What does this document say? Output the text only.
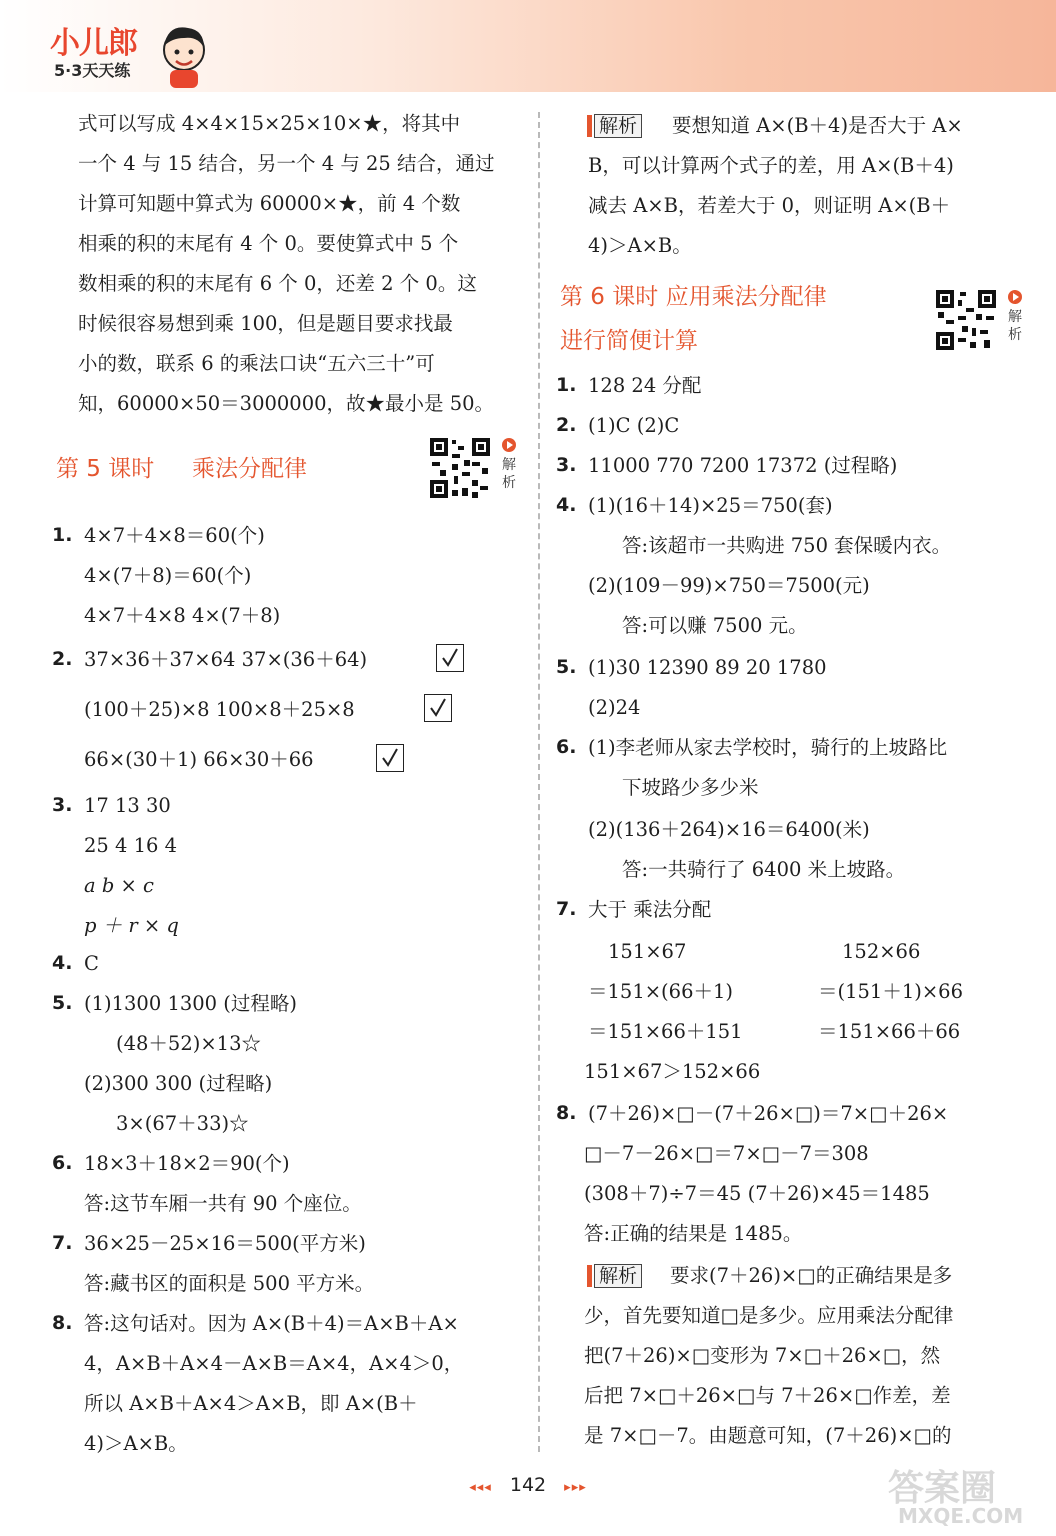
小儿郎
5·3天天练
式可以写成 4×4×15×25×10×★，将其中
一个 4 与 15 结合，另一个 4 与 25 结合，通过
计算可知题中算式为 60000×★，前 4 个数
相乘的积的末尾有 4 个 0。要使算式中 5 个
数相乘的积的末尾有 6 个 0，还差 2 个 0。这
时候很容易想到乘 100，但是题目要求找最
小的数，联系 6 的乘法口诀“五六三十”可
知，60000×50＝3000000，故★最小是 50。
第 5 课时 乘法分配律	解析
1. 4×7＋4×8＝60(个)
4×(7＋8)＝60(个)
4×7＋4×8 4×(7＋8)
2. 37×36＋37×64 37×(36＋64)
(100＋25)×8 100×8＋25×8
66×(30＋1) 66×30＋66
3. 17 13 30
25 4 16 4
a b × c
p ＋ r × q
4. C
5. (1)1300 1300 (过程略)
(48＋52)×13☆
(2)300 300 (过程略)
3×(67＋33)☆
6. 18×3＋18×2＝90(个)
答:这节车厢一共有 90 个座位。
7. 36×25－25×16＝500(平方米)
答:藏书区的面积是 500 平方米。
8. 答:这句话对。因为 A×(B＋4)＝A×B＋A×
4，A×B＋A×4－A×B＝A×4，A×4＞0，
所以 A×B＋A×4＞A×B，即 A×(B＋
4)＞A×B。
解析 要想知道 A×(B＋4)是否大于 A×
B，可以计算两个式子的差，用 A×(B＋4)
减去 A×B，若差大于 0，则证明 A×(B＋
4)＞A×B。
第 6 课时 应用乘法分配律
进行简便计算
解析
1. 128 24 分配
2. (1)C (2)C
3. 11000 770 7200 17372 (过程略)
4. (1)(16＋14)×25＝750(套)
答:该超市一共购进 750 套保暖内衣。
(2)(109－99)×750＝7500(元)
答:可以赚 7500 元。
5. (1)30 12390 89 20 1780
(2)24
6. (1)李老师从家去学校时，骑行的上坡路比
下坡路少多少米
(2)(136＋264)×16＝6400(米)
答:一共骑行了 6400 米上坡路。
7. 大于 乘法分配
151×67
＝151×(66＋1)
＝151×66＋151
151×67＞152×66
152×66
＝(151＋1)×66
＝151×66＋66
8. (7＋26)×□－(7＋26×□)＝7×□＋26×
□－7－26×□＝7×□－7＝308
(308＋7)÷7＝45 (7＋26)×45＝1485
答:正确的结果是 1485。
解析 要求(7＋26)×□的正确结果是多
少，首先要知道□是多少。应用乘法分配律
把(7＋26)×□变形为 7×□＋26×□，然
后把 7×□＋26×□与 7＋26×□作差，差
是 7×□－7。由题意可知，(7＋26)×□的
◂◂◂ 142 ▸▸▸	答案圈
MXQE.COM
